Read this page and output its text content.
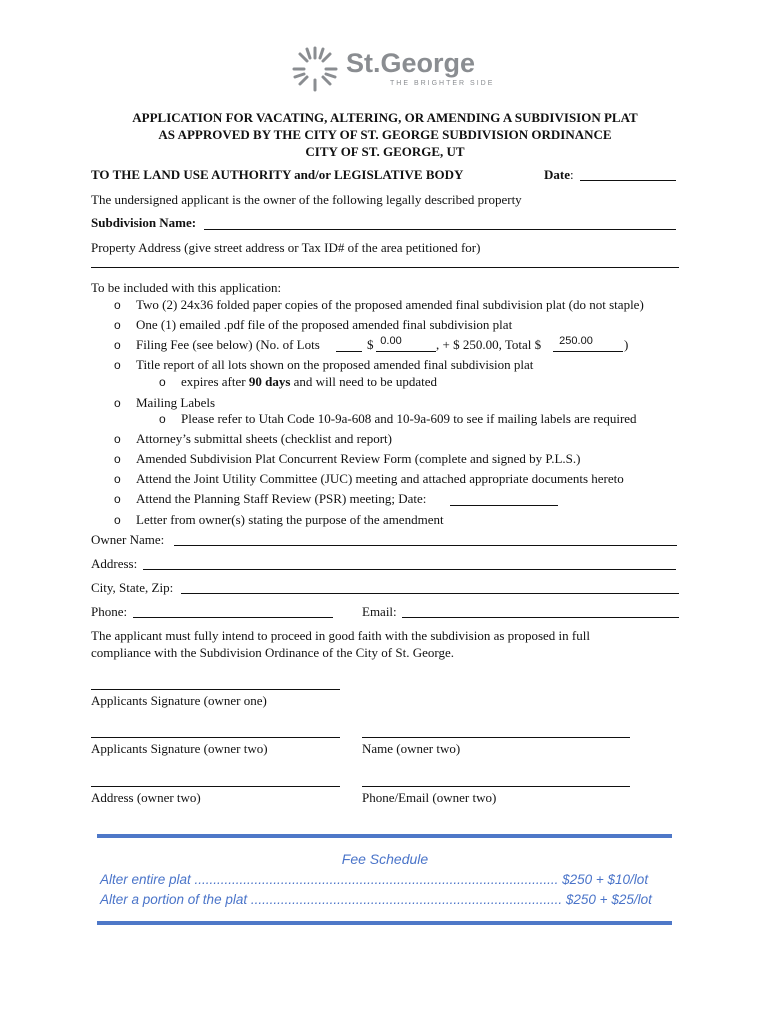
St.George
THE BRIGHTER SIDE
APPLICATION FOR VACATING, ALTERING, OR AMENDING A SUBDIVISION PLAT
AS APPROVED BY THE CITY OF ST. GEORGE SUBDIVISION ORDINANCE
CITY OF ST. GEORGE, UT
TO THE LAND USE AUTHORITY and/or LEGISLATIVE BODY	Date:
The undersigned applicant is the owner of the following legally described property
Subdivision Name:
Property Address (give street address or Tax ID# of the area petitioned for)
To be included with this application:
o Two (2) 24x36 folded paper copies of the proposed amended final subdivision plat (do not staple)
o One (1) emailed .pdf file of the proposed amended final subdivision plat
o Filing Fee (see below) (No. of Lots	$ 0.00	, + $ 250.00, Total $	250.00	)
o Title report of all lots shown on the proposed amended final subdivision plat
o expires after 90 days and will need to be updated
o Mailing Labels
o Please refer to Utah Code 10-9a-608 and 10-9a-609 to see if mailing labels are required
o Attorney’s submittal sheets (checklist and report)
o Amended Subdivision Plat Concurrent Review Form (complete and signed by P.L.S.)
o Attend the Joint Utility Committee (JUC) meeting and attached appropriate documents hereto
o Attend the Planning Staff Review (PSR) meeting; Date:
o Letter from owner(s) stating the purpose of the amendment
Owner Name:
Address:
City, State, Zip:
Phone:	Email:
The applicant must fully intend to proceed in good faith with the subdivision as proposed in full
compliance with the Subdivision Ordinance of the City of St. George.
Applicants Signature (owner one)
Applicants Signature (owner two)	Name (owner two)
Address (owner two)	Phone/Email (owner two)
Fee Schedule
Alter entire plat ................................................................................................. $250 + $10/lot
Alter a portion of the plat ................................................................................... $250 + $25/lot
